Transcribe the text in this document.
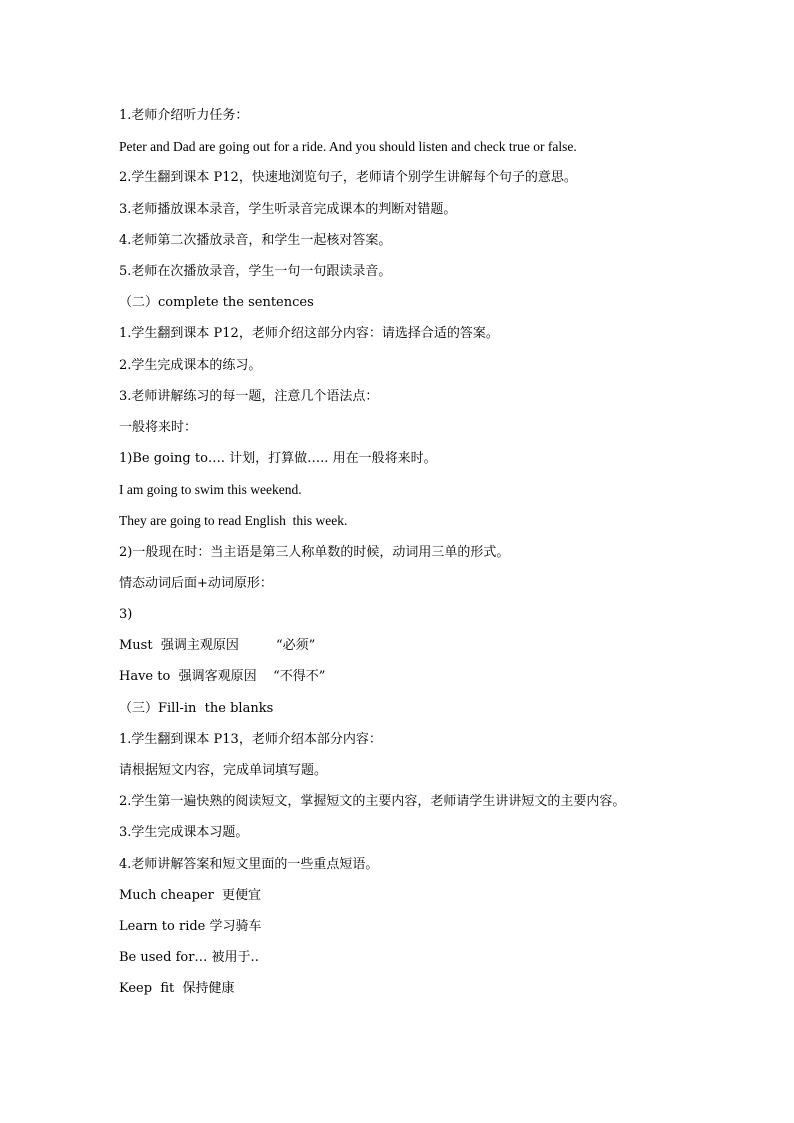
1.老师介绍听力任务：

Peter and Dad are going out for a ride. And you should listen and check true or false.

2.学生翻到课本 P12，快速地浏览句子，老师请个别学生讲解每个句子的意思。

3.老师播放课本录音，学生听录音完成课本的判断对错题。

4.老师第二次播放录音，和学生一起核对答案。

5.老师在次播放录音，学生一句一句跟读录音。

（二）complete the sentences

1.学生翻到课本 P12，老师介绍这部分内容：请选择合适的答案。

2.学生完成课本的练习。

3.老师讲解练习的每一题，注意几个语法点：

一般将来时：

1)Be going to…. 计划，打算做….. 用在一般将来时。

I am going to swim this weekend.

They are going to read English  this week.

2)一般现在时：当主语是第三人称单数的时候，动词用三单的形式。

情态动词后面+动词原形：

3)

Must  强调主观原因         “必须”

Have to  强调客观原因    “不得不”

（三）Fill-in  the blanks

1.学生翻到课本 P13，老师介绍本部分内容：

请根据短文内容，完成单词填写题。

2.学生第一遍快熟的阅读短文，掌握短文的主要内容，老师请学生讲讲短文的主要内容。

3.学生完成课本习题。

4.老师讲解答案和短文里面的一些重点短语。

Much cheaper  更便宜

Learn to ride 学习骑车

Be used for… 被用于..

Keep  fit  保持健康
